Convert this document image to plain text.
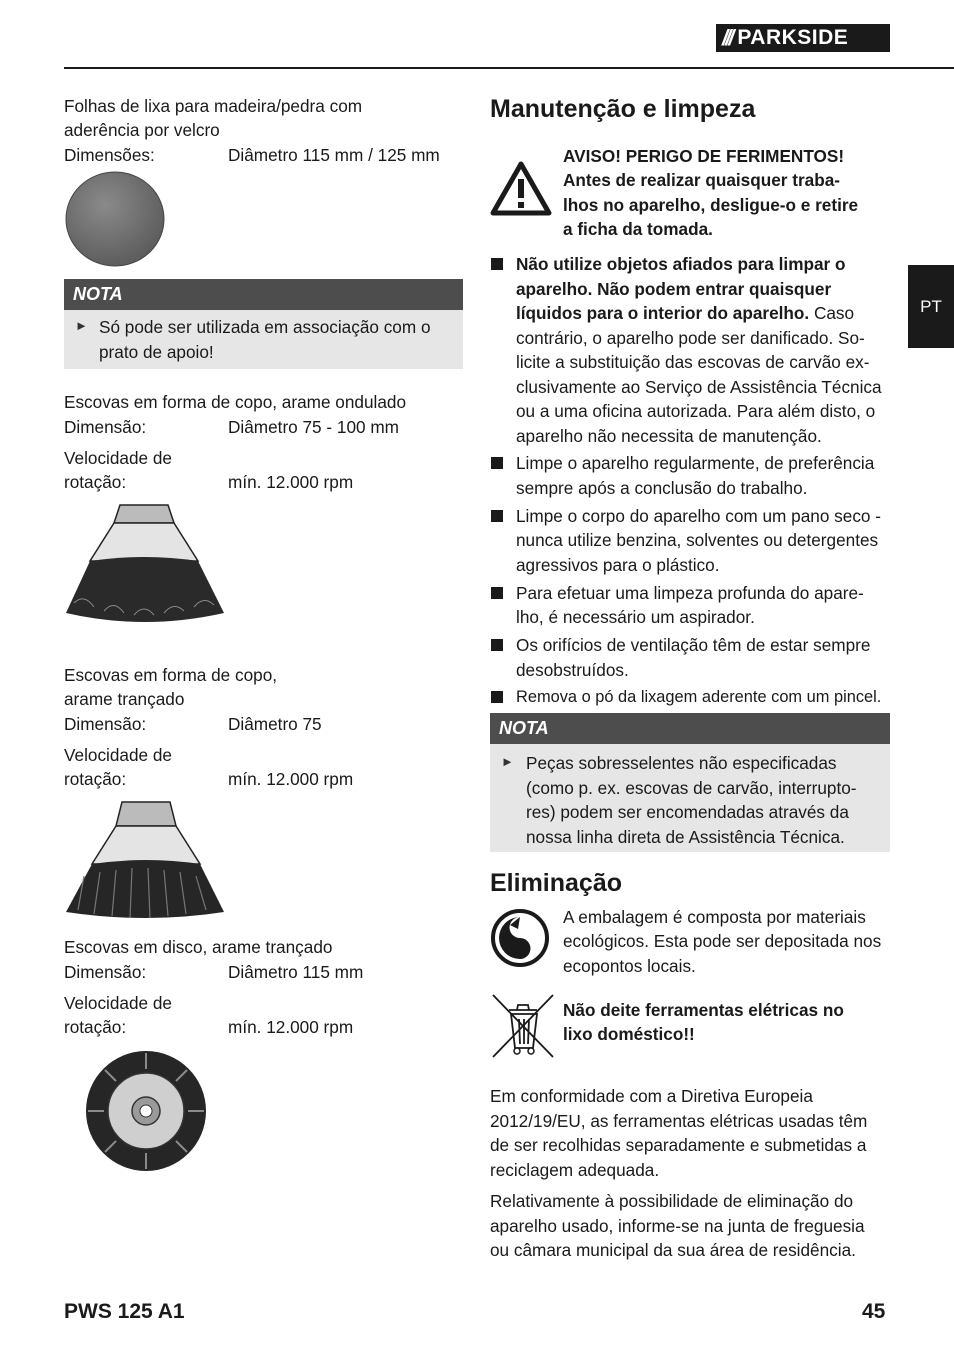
/// PARKSIDE
PT
Folhas de lixa para madeira/pedra com
aderência por velcro
Dimensões:	Diâmetro 115 mm / 125 mm
NOTA
► Só pode ser utilizada em associação com o
prato de apoio!
Escovas em forma de copo, arame ondulado
Dimensão:	Diâmetro 75 - 100 mm
Velocidade de
rotação:	mín. 12.000 rpm
Escovas em forma de copo,
arame trançado
Dimensão:	Diâmetro 75
Velocidade de
rotação:	mín. 12.000 rpm
Escovas em disco, arame trançado
Dimensão:	Diâmetro 115 mm
Velocidade de
rotação:	mín. 12.000 rpm
Manutenção e limpeza
AVISO! PERIGO DE FERIMENTOS!
Antes de realizar quaisquer traba-
lhos no aparelho, desligue-o e retire
a ficha da tomada.
Não utilize objetos afiados para limpar o
aparelho. Não podem entrar quaisquer
líquidos para o interior do aparelho. Caso
contrário, o aparelho pode ser danificado. So-
licite a substituição das escovas de carvão ex-
clusivamente ao Serviço de Assistência Técnica
ou a uma oficina autorizada. Para além disto, o
aparelho não necessita de manutenção.
Limpe o aparelho regularmente, de preferência
sempre após a conclusão do trabalho.
Limpe o corpo do aparelho com um pano seco -
nunca utilize benzina, solventes ou detergentes
agressivos para o plástico.
Para efetuar uma limpeza profunda do apare-
lho, é necessário um aspirador.
Os orifícios de ventilação têm de estar sempre
desobstruídos.
Remova o pó da lixagem aderente com um pincel.
NOTA
► Peças sobresselentes não especificadas
(como p. ex. escovas de carvão, interrupto-
res) podem ser encomendadas através da
nossa linha direta de Assistência Técnica.
Eliminação
A embalagem é composta por materiais
ecológicos. Esta pode ser depositada nos
ecopontos locais.
Não deite ferramentas elétricas no
lixo doméstico!!
Em conformidade com a Diretiva Europeia
2012/19/EU, as ferramentas elétricas usadas têm
de ser recolhidas separadamente e submetidas a
reciclagem adequada.
Relativamente à possibilidade de eliminação do
aparelho usado, informe-se na junta de freguesia
ou câmara municipal da sua área de residência.
PWS 125 A1	45
